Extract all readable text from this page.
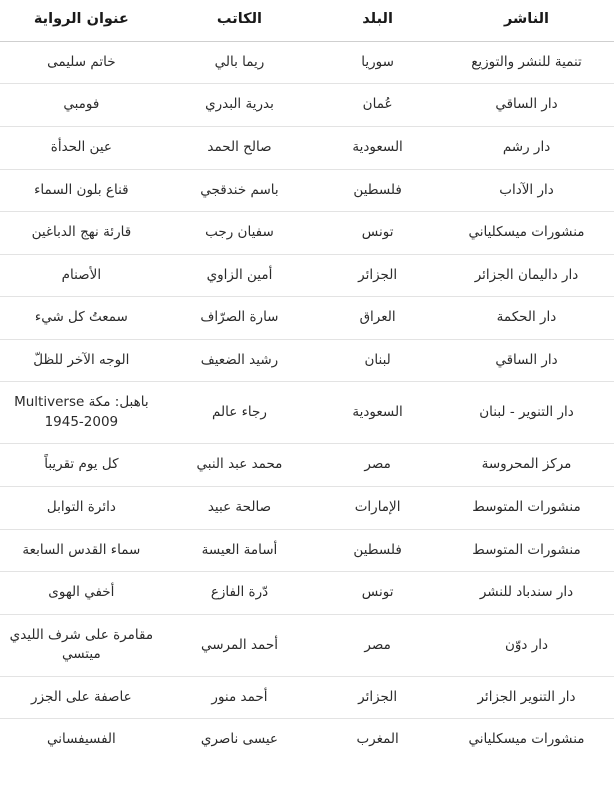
الناشر	البلد	الكاتب	عنوان الرواية
تنمية للنشر والتوزيع	سوريا	ريما بالي	خاتم سليمى
دار الساقي	عُمان	بدرية البدري	فومبي
دار رشم	السعودية	صالح الحمد	عين الحدأة
دار الآداب	فلسطين	باسم خندقجي	قناع بلون السماء
منشورات ميسكلياني	تونس	سفيان رجب	قارئة نهج الدباغين
دار داليمان الجزائر	الجزائر	أمين الزاوي	الأصنام
دار الحكمة	العراق	سارة الصرّاف	سمعتُ كل شيء
دار الساقي	لبنان	رشيد الضعيف	الوجه الآخر للظلّ
دار التنوير - لبنان	السعودية	رجاء عالم	باهبل: مكة Multiverse 1945-2009
مركز المحروسة	مصر	محمد عبد النبي	كل يوم تقريباً
منشورات المتوسط	الإمارات	صالحة عبيد	دائرة التوابل
منشورات المتوسط	فلسطين	أسامة العيسة	سماء القدس السابعة
دار سندباد للنشر	تونس	دّرة الفازع	أخفي الهوى
دار دوّن	مصر	أحمد المرسي	مقامرة على شرف الليدي ميتسي
دار التنوير الجزائر	الجزائر	أحمد منور	عاصفة على الجزر
منشورات ميسكلياني	المغرب	عيسى ناصري	الفسيفساني
